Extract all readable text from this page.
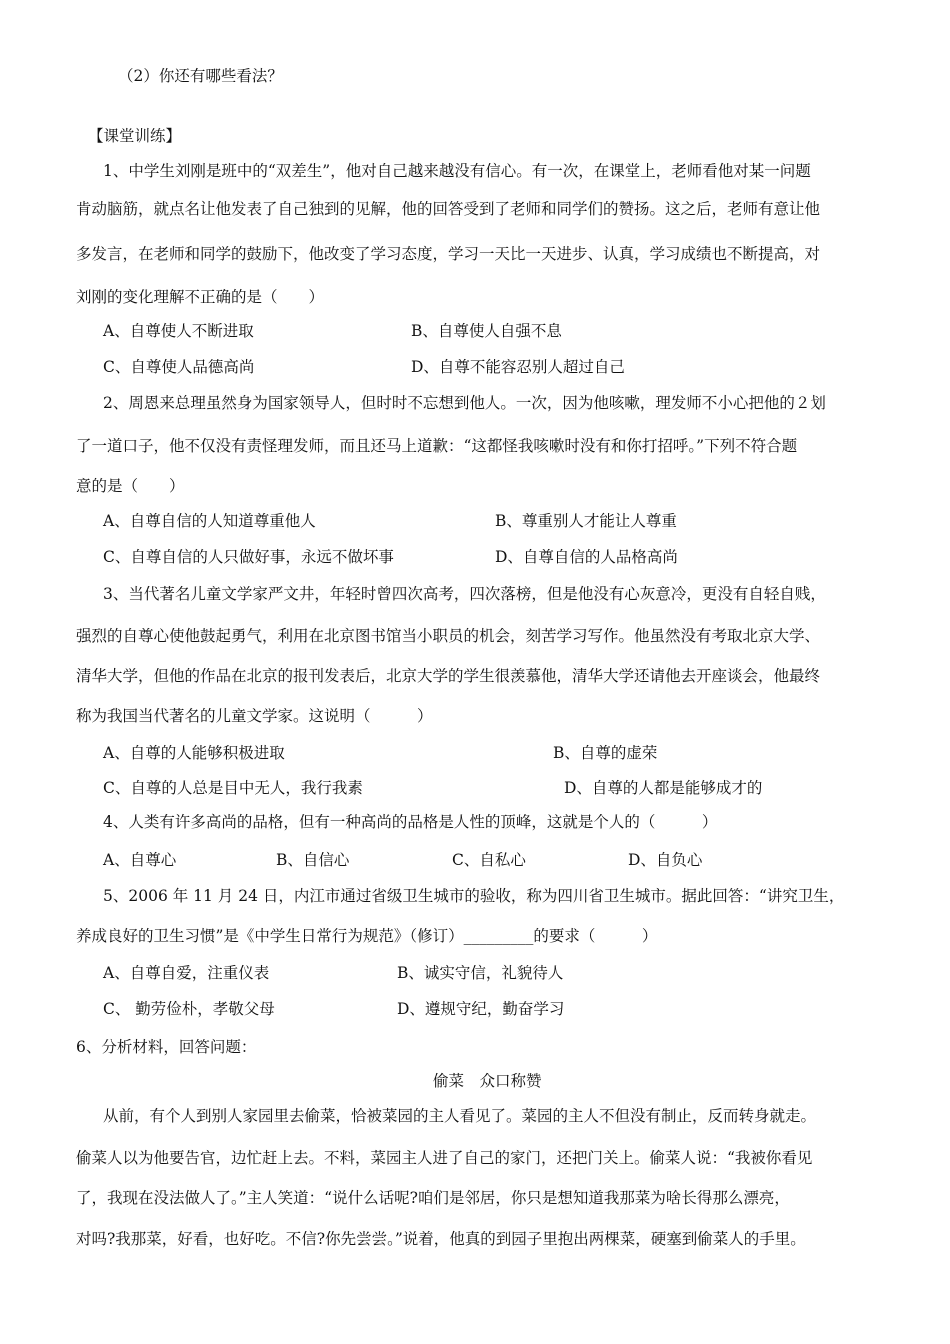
（2）你还有哪些看法？
【课堂训练】
1、中学生刘刚是班中的“双差生”，他对自己越来越没有信心。有一次，在课堂上，老师看他对某一问题
肯动脑筋，就点名让他发表了自己独到的见解，他的回答受到了老师和同学们的赞扬。这之后，老师有意让他
多发言，在老师和同学的鼓励下，他改变了学习态度，学习一天比一天进步、认真，学习成绩也不断提高，对
刘刚的变化理解不正确的是（　　）
A、自尊使人不断进取	B、自尊使人自强不息
C、自尊使人品德高尚	D、自尊不能容忍别人超过自己
2、周恩来总理虽然身为国家领导人，但时时不忘想到他人。一次，因为他咳嗽，理发师不小心把他的２划
了一道口子，他不仅没有责怪理发师，而且还马上道歉：“这都怪我咳嗽时没有和你打招呼。”下列不符合题
意的是（　　）
A、自尊自信的人知道尊重他人	B、尊重别人才能让人尊重
C、自尊自信的人只做好事，永远不做坏事	D、自尊自信的人品格高尚
3、当代著名儿童文学家严文井，年轻时曾四次高考，四次落榜，但是他没有心灰意冷，更没有自轻自贱，
强烈的自尊心使他鼓起勇气，利用在北京图书馆当小职员的机会，刻苦学习写作。他虽然没有考取北京大学、
清华大学，但他的作品在北京的报刊发表后，北京大学的学生很羡慕他，清华大学还请他去开座谈会，他最终
称为我国当代著名的儿童文学家。这说明（　　　）
A、自尊的人能够积极进取	B、自尊的虚荣
C、自尊的人总是目中无人，我行我素	D、自尊的人都是能够成才的
4、人类有许多高尚的品格，但有一种高尚的品格是人性的顶峰，这就是个人的（　　　）
A、自尊心	B、自信心	C、自私心	D、自负心
5、2006 年 11 月 24 日，内江市通过省级卫生城市的验收，称为四川省卫生城市。据此回答：“讲究卫生，
养成良好的卫生习惯”是《中学生日常行为规范》（修订）_________的要求（　　　）
A、自尊自爱，注重仪表	B、诚实守信，礼貌待人
C、 勤劳俭朴，孝敬父母	D、遵规守纪，勤奋学习
6、分析材料，回答问题：
偷菜　众口称赞
从前，有个人到别人家园里去偷菜，恰被菜园的主人看见了。菜园的主人不但没有制止，反而转身就走。
偷菜人以为他要告官，边忙赶上去。不料，菜园主人进了自己的家门，还把门关上。偷菜人说：“我被你看见
了，我现在没法做人了。”主人笑道：“说什么话呢?咱们是邻居，你只是想知道我那菜为啥长得那么漂亮，
对吗?我那菜，好看，也好吃。不信?你先尝尝。”说着，他真的到园子里抱出两棵菜，硬塞到偷菜人的手里。
